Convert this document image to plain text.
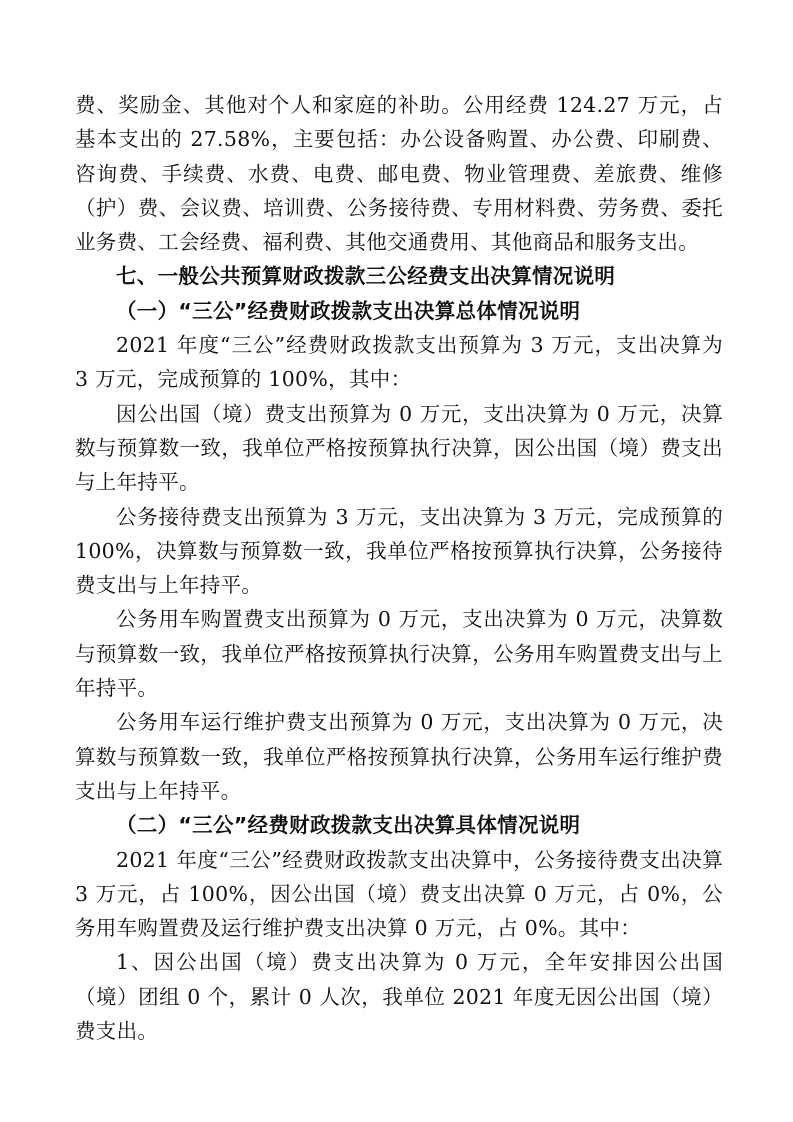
费、奖励金、其他对个人和家庭的补助。公用经费 124.27 万元，占基本支出的 27.58%，主要包括：办公设备购置、办公费、印刷费、咨询费、手续费、水费、电费、邮电费、物业管理费、差旅费、维修（护）费、会议费、培训费、公务接待费、专用材料费、劳务费、委托业务费、工会经费、福利费、其他交通费用、其他商品和服务支出。

七、一般公共预算财政拨款三公经费支出决算情况说明

（一）“三公”经费财政拨款支出决算总体情况说明

2021 年度“三公”经费财政拨款支出预算为 3 万元，支出决算为 3 万元，完成预算的 100%，其中：

因公出国（境）费支出预算为 0 万元，支出决算为 0 万元，决算数与预算数一致，我单位严格按预算执行决算，因公出国（境）费支出与上年持平。

公务接待费支出预算为 3 万元，支出决算为 3 万元，完成预算的 100%，决算数与预算数一致，我单位严格按预算执行决算，公务接待费支出与上年持平。

公务用车购置费支出预算为 0 万元，支出决算为 0 万元，决算数与预算数一致，我单位严格按预算执行决算，公务用车购置费支出与上年持平。

公务用车运行维护费支出预算为 0 万元，支出决算为 0 万元，决算数与预算数一致，我单位严格按预算执行决算，公务用车运行维护费支出与上年持平。

（二）“三公”经费财政拨款支出决算具体情况说明

2021 年度“三公”经费财政拨款支出决算中，公务接待费支出决算 3 万元，占 100%，因公出国（境）费支出决算 0 万元，占 0%，公务用车购置费及运行维护费支出决算 0 万元，占 0%。其中：

1、因公出国（境）费支出决算为 0 万元，全年安排因公出国（境）团组 0 个，累计 0 人次，我单位 2021 年度无因公出国（境）费支出。
